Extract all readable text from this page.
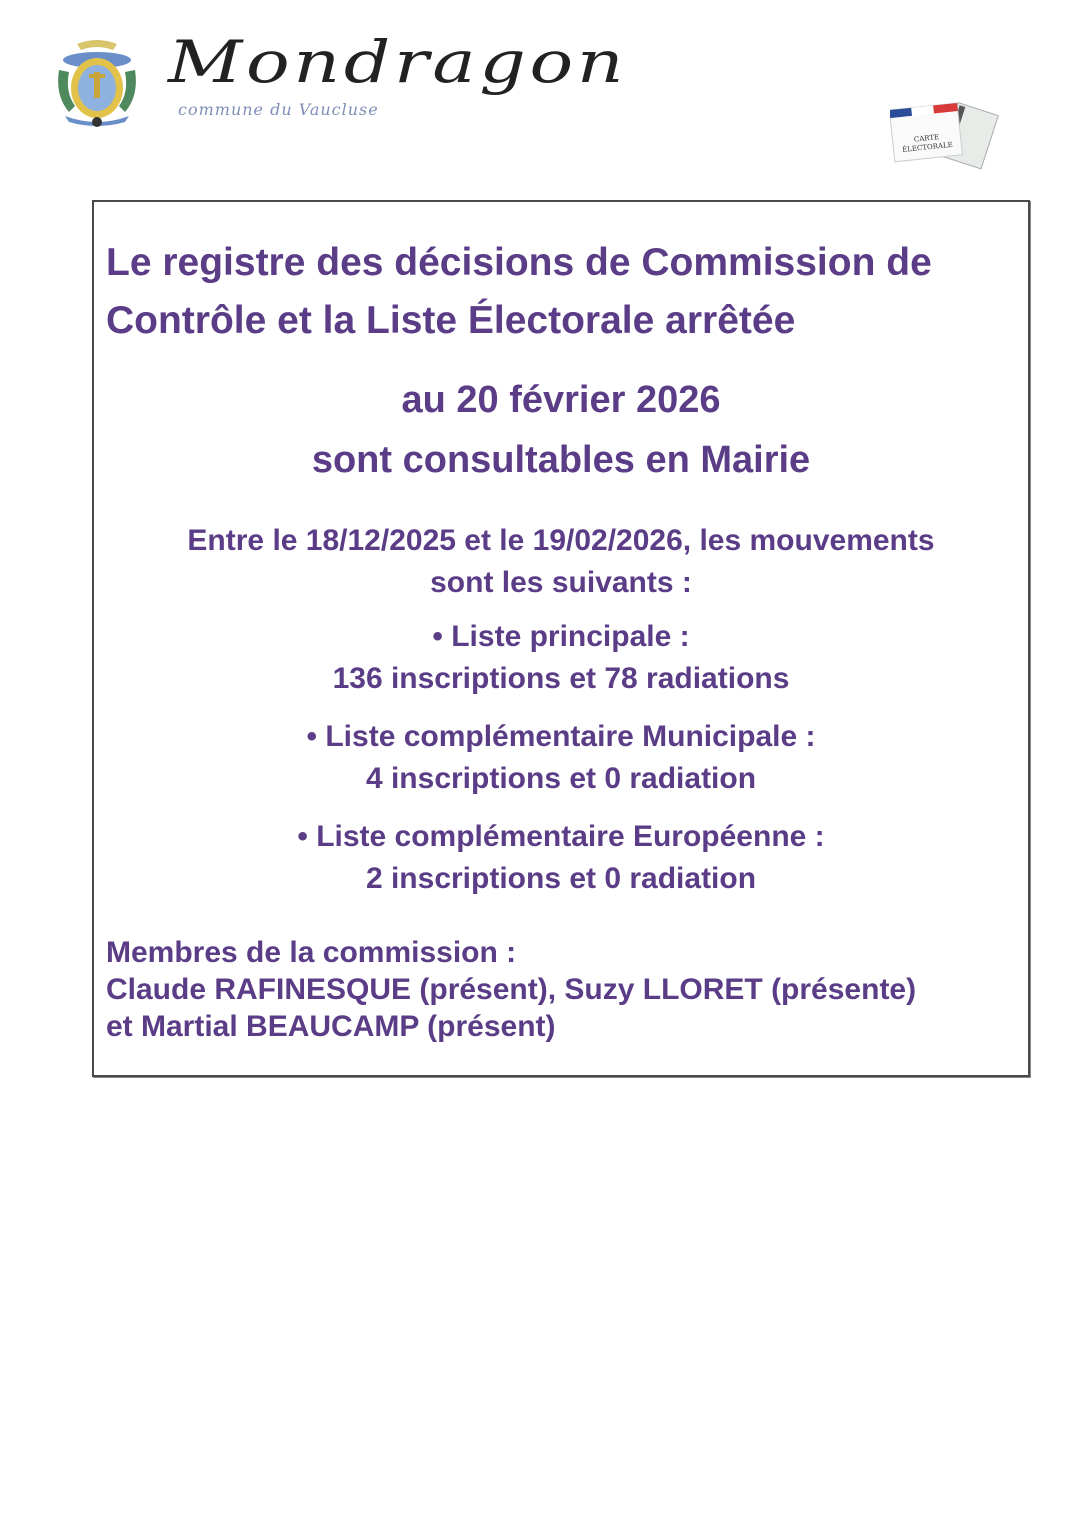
Mondragon
commune du Vaucluse
CARTE
ÉLECTORALE
Le registre des décisions de Commission de
Contrôle et la Liste Électorale arrêtée
au 20 février 2026
sont consultables en Mairie
Entre le 18/12/2025 et le 19/02/2026, les mouvements
sont les suivants :
• Liste principale :
136 inscriptions et 78 radiations
• Liste complémentaire Municipale :
4 inscriptions et 0 radiation
• Liste complémentaire Européenne :
2 inscriptions et 0 radiation
Membres de la commission :
Claude RAFINESQUE (présent), Suzy LLORET (présente)
et Martial BEAUCAMP (présent)
